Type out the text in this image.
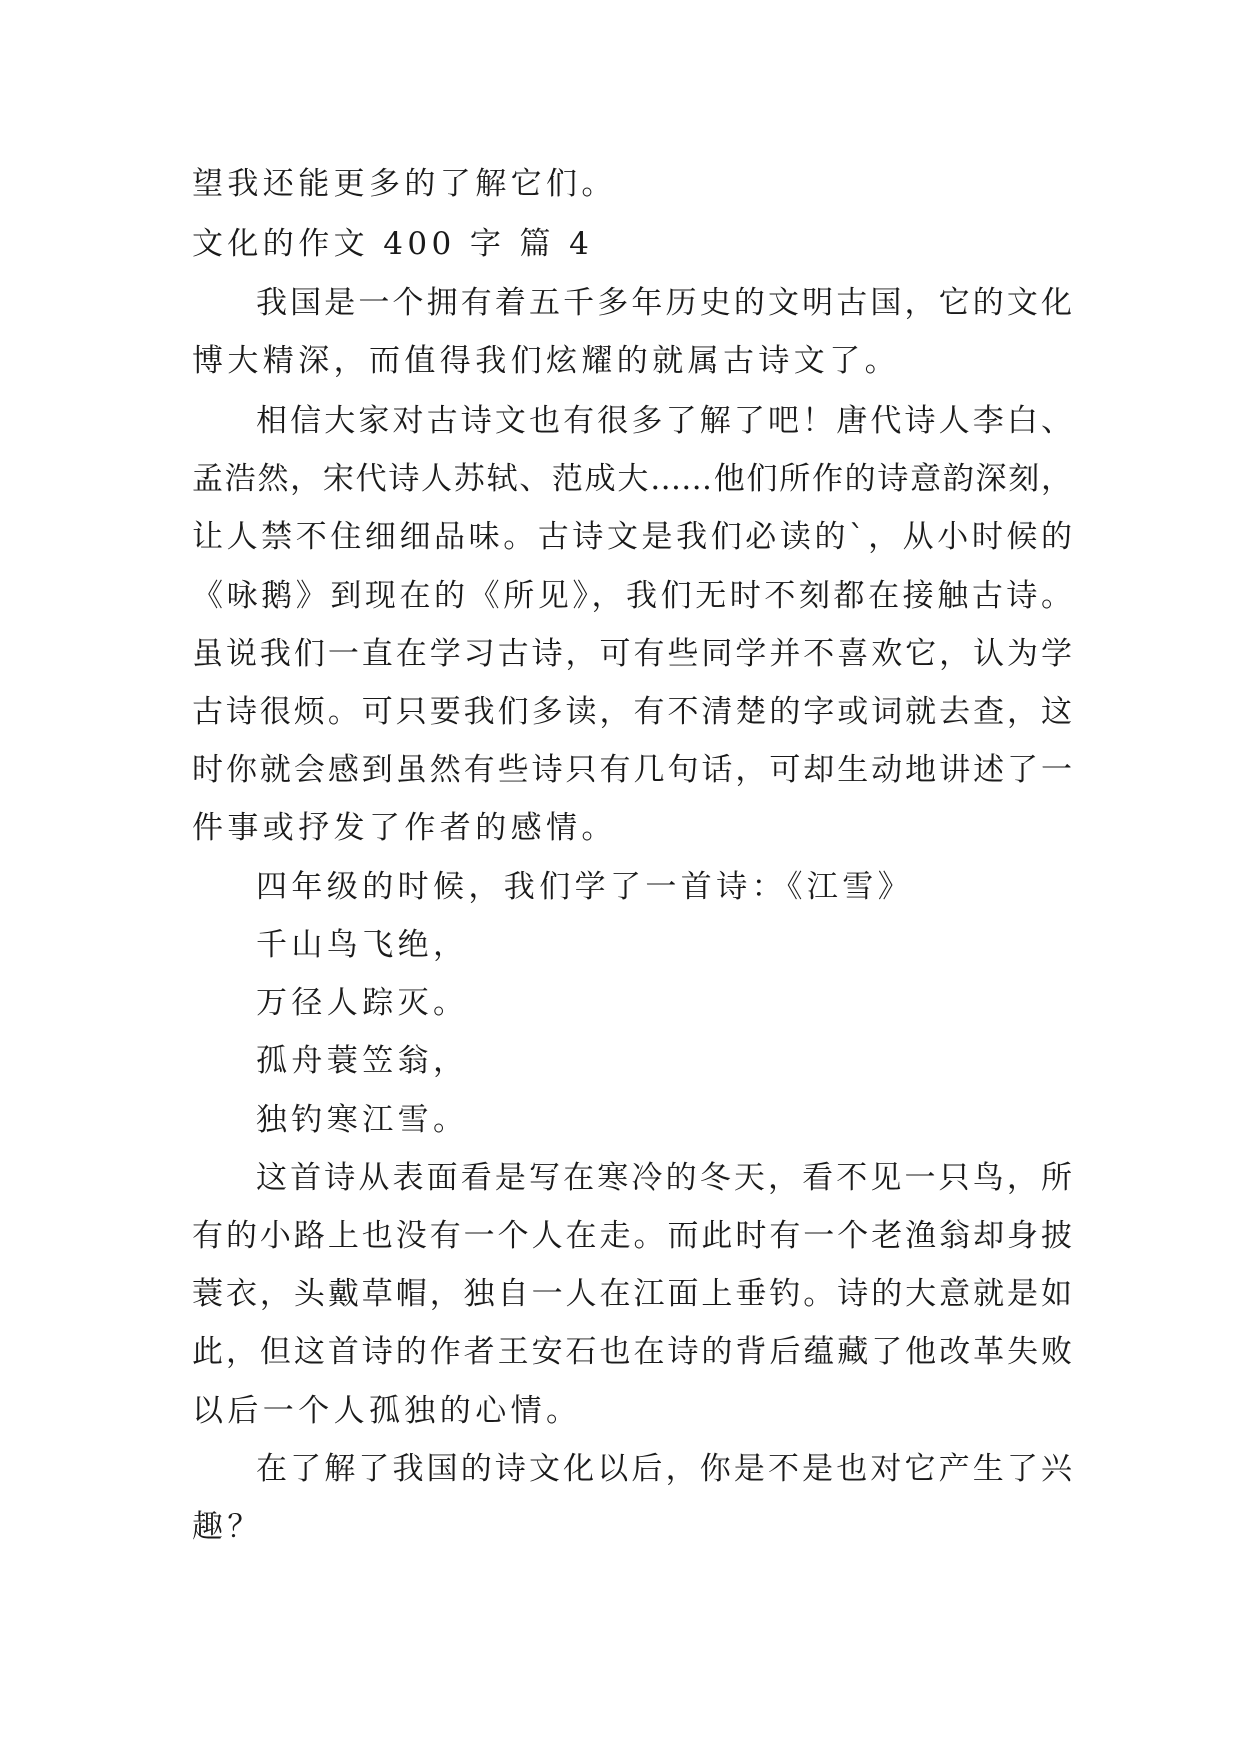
望我还能更多的了解它们。
文化的作文 400 字 篇 4
我国是一个拥有着五千多年历史的文明古国，它的文化
博大精深，而值得我们炫耀的就属古诗文了。
相信大家对古诗文也有很多了解了吧！唐代诗人李白、
孟浩然，宋代诗人苏轼、范成大……他们所作的诗意韵深刻，
让人禁不住细细品味。古诗文是我们必读的`，从小时候的
《咏鹅》到现在的《所见》，我们无时不刻都在接触古诗。
虽说我们一直在学习古诗，可有些同学并不喜欢它，认为学
古诗很烦。可只要我们多读，有不清楚的字或词就去查，这
时你就会感到虽然有些诗只有几句话，可却生动地讲述了一
件事或抒发了作者的感情。
四年级的时候，我们学了一首诗：《江雪》
千山鸟飞绝，
万径人踪灭。
孤舟蓑笠翁，
独钓寒江雪。
这首诗从表面看是写在寒冷的冬天，看不见一只鸟，所
有的小路上也没有一个人在走。而此时有一个老渔翁却身披
蓑衣，头戴草帽，独自一人在江面上垂钓。诗的大意就是如
此，但这首诗的作者王安石也在诗的背后蕴藏了他改革失败
以后一个人孤独的心情。
在了解了我国的诗文化以后，你是不是也对它产生了兴
趣？
